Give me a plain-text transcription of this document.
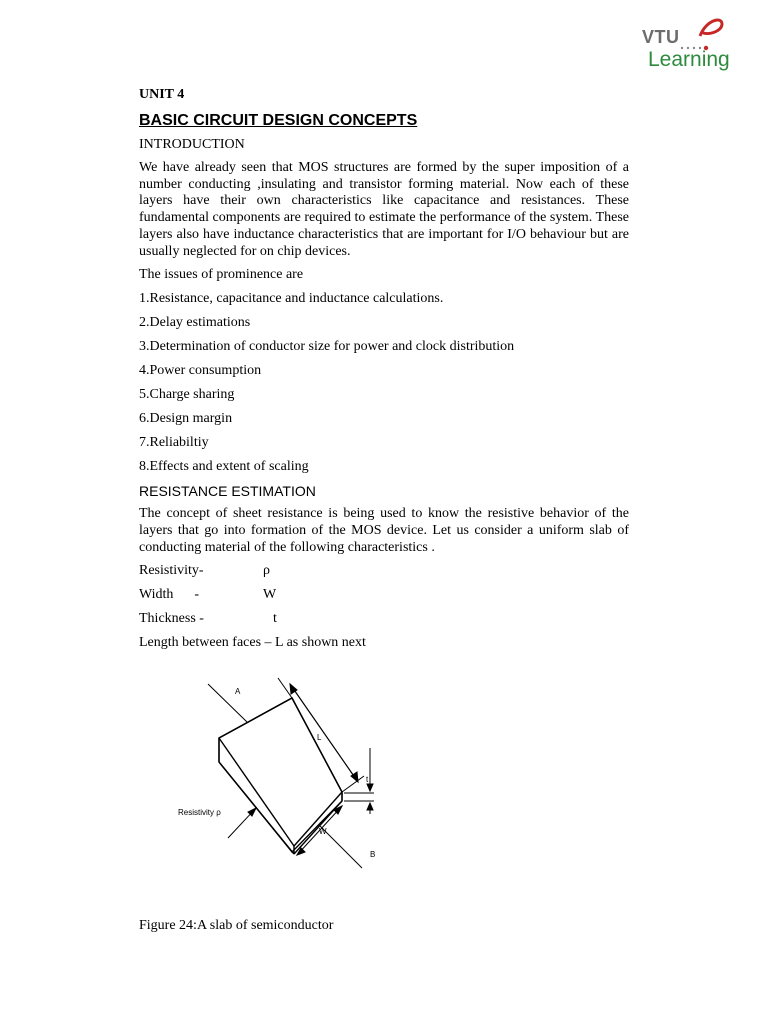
VTU
Learning

UNIT 4

BASIC CIRCUIT DESIGN CONCEPTS

INTRODUCTION

We have already seen that MOS structures are formed by the super imposition of a number conducting ,insulating and transistor forming material. Now each of these layers have their own characteristics like capacitance and resistances. These fundamental components are required to estimate the performance of the system. These layers also have inductance characteristics that are important for I/O behaviour but are usually neglected for on chip devices.

The issues of prominence are

1.Resistance, capacitance and inductance calculations.
2.Delay estimations
3.Determination of conductor size for power and clock distribution
4.Power consumption
5.Charge sharing
6.Design margin
7.Reliabiltiy
8.Effects and extent of scaling

RESISTANCE ESTIMATION

The concept of sheet resistance is being used to know the resistive behavior of the layers that go into formation of the MOS device. Let us consider a uniform slab of conducting material of the following characteristics .

Resistivity-	ρ
Width      -	W
Thickness -	t

Length between faces – L as shown next

A
L
t
Resistivity ρ
W
B

Figure 24:A slab of semiconductor
